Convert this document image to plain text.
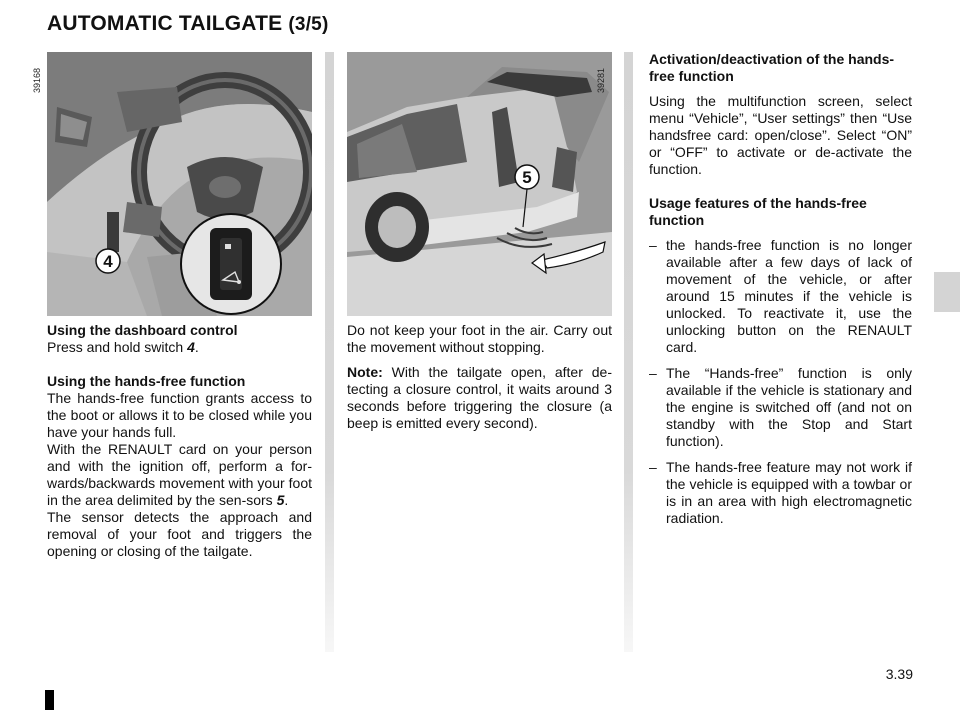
AUTOMATIC TAILGATE (3/5)
4
39168
5
39281

Using the dashboard control

Press and hold switch 4.

Using the hands-free function

The hands-free function grants access to the boot or allows it to be closed while you have your hands full.

With the RENAULT card on your person and with the ignition off, perform a for-wards/backwards movement with your foot in the area delimited by the sen-sors 5.

The sensor detects the approach and removal of your foot and triggers the opening or closing of the tailgate.

Do not keep your foot in the air. Carry out the movement without stopping.

Note: With the tailgate open, after de-tecting a closure control, it waits around 3 seconds before triggering the closure (a beep is emitted every second).

Activation/deactivation of the hands-free function

Using the multifunction screen, select menu “Vehicle”, “User settings” then “Use handsfree card: open/close”. Select “ON” or “OFF” to activate or de-activate the function.

Usage features of the hands-free function

– the hands-free function is no longer available after a few days of lack of movement of the vehicle, or after around 15 minutes if the vehicle is unlocked. To reactivate it, use the unlocking button on the RENAULT card.
– The “Hands-free” function is only available if the vehicle is stationary and the engine is switched off (and not on standby with the Stop and Start function).
– The hands-free feature may not work if the vehicle is equipped with a towbar or is in an area with high electromagnetic radiation.
3.39
